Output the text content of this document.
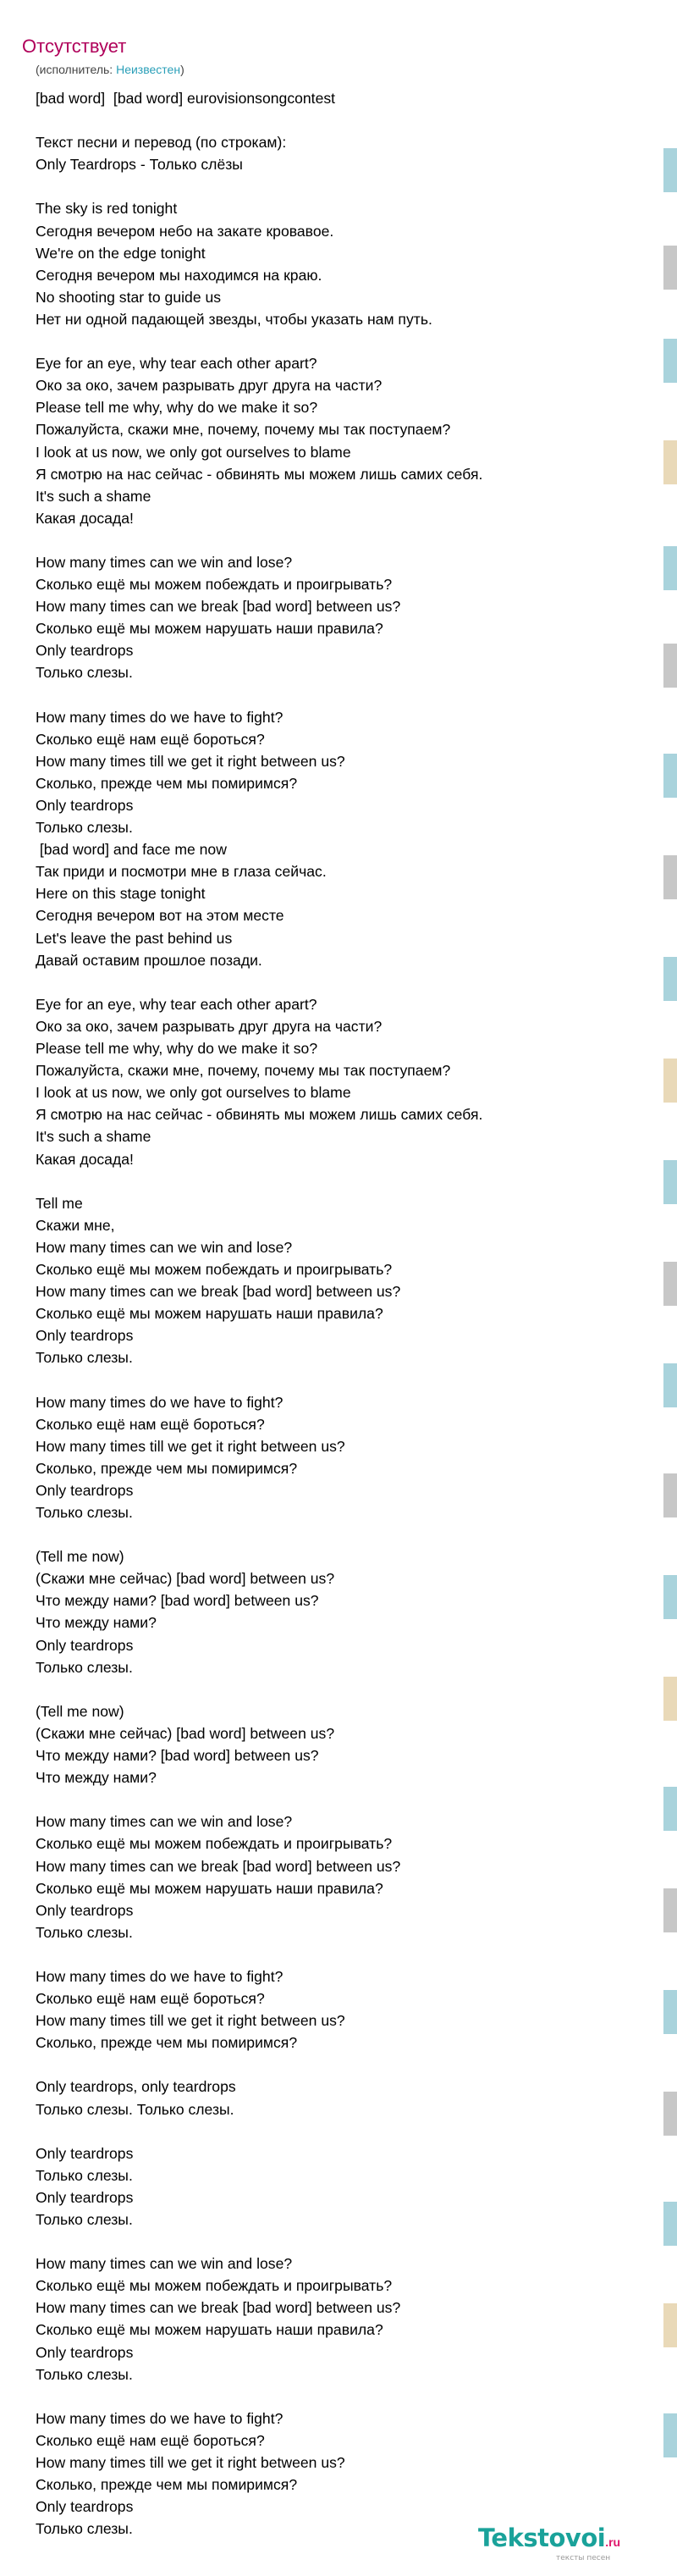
Отсутствует
(исполнитель: Неизвестен)
[bad word]  [bad word] eurovisionsongcontest
Текст песни и перевод (по строкам):
Only Teardrops - Только слёзы
The sky is red tonight
Сегодня вечером небо на закате кровавое.
We're on the edge tonight
Сегодня вечером мы находимся на краю.
No shooting star to guide us
Нет ни одной падающей звезды, чтобы указать нам путь.
Eye for an eye, why tear each other apart?
Око за око, зачем разрывать друг друга на части?
Please tell me why, why do we make it so?
Пожалуйста, скажи мне, почему, почему мы так поступаем?
I look at us now, we only got ourselves to blame
Я смотрю на нас сейчас - обвинять мы можем лишь самих себя.
It's such a shame
Какая досада!
How many times can we win and lose?
Сколько ещё мы можем побеждать и проигрывать?
How many times can we break [bad word] between us?
Сколько ещё мы можем нарушать наши правила?
Only teardrops
Только слезы.
How many times do we have to fight?
Сколько ещё нам ещё бороться?
How many times till we get it right between us?
Сколько, прежде чем мы помиримся?
Only teardrops
Только слезы.
[bad word] and face me now
Так приди и посмотри мне в глаза сейчас.
Here on this stage tonight
Сегодня вечером вот на этом месте
Let's leave the past behind us
Давай оставим прошлое позади.
Eye for an eye, why tear each other apart?
Око за око, зачем разрывать друг друга на части?
Please tell me why, why do we make it so?
Пожалуйста, скажи мне, почему, почему мы так поступаем?
I look at us now, we only got ourselves to blame
Я смотрю на нас сейчас - обвинять мы можем лишь самих себя.
It's such a shame
Какая досада!
Tell me
Скажи мне,
How many times can we win and lose?
Сколько ещё мы можем побеждать и проигрывать?
How many times can we break [bad word] between us?
Сколько ещё мы можем нарушать наши правила?
Only teardrops
Только слезы.
How many times do we have to fight?
Сколько ещё нам ещё бороться?
How many times till we get it right between us?
Сколько, прежде чем мы помиримся?
Only teardrops
Только слезы.
(Tell me now)
(Скажи мне сейчас) [bad word] between us?
Что между нами? [bad word] between us?
Что между нами?
Only teardrops
Только слезы.
(Tell me now)
(Скажи мне сейчас) [bad word] between us?
Что между нами? [bad word] between us?
Что между нами?
How many times can we win and lose?
Сколько ещё мы можем побеждать и проигрывать?
How many times can we break [bad word] between us?
Сколько ещё мы можем нарушать наши правила?
Only teardrops
Только слезы.
How many times do we have to fight?
Сколько ещё нам ещё бороться?
How many times till we get it right between us?
Сколько, прежде чем мы помиримся?
Only teardrops, only teardrops
Только слезы. Только слезы.
Only teardrops
Только слезы.
Only teardrops
Только слезы.
How many times can we win and lose?
Сколько ещё мы можем побеждать и проигрывать?
How many times can we break [bad word] between us?
Сколько ещё мы можем нарушать наши правила?
Only teardrops
Только слезы.
How many times do we have to fight?
Сколько ещё нам ещё бороться?
How many times till we get it right between us?
Сколько, прежде чем мы помиримся?
Only teardrops
Только слезы.	Tekstovoi.ru
тексты песен
